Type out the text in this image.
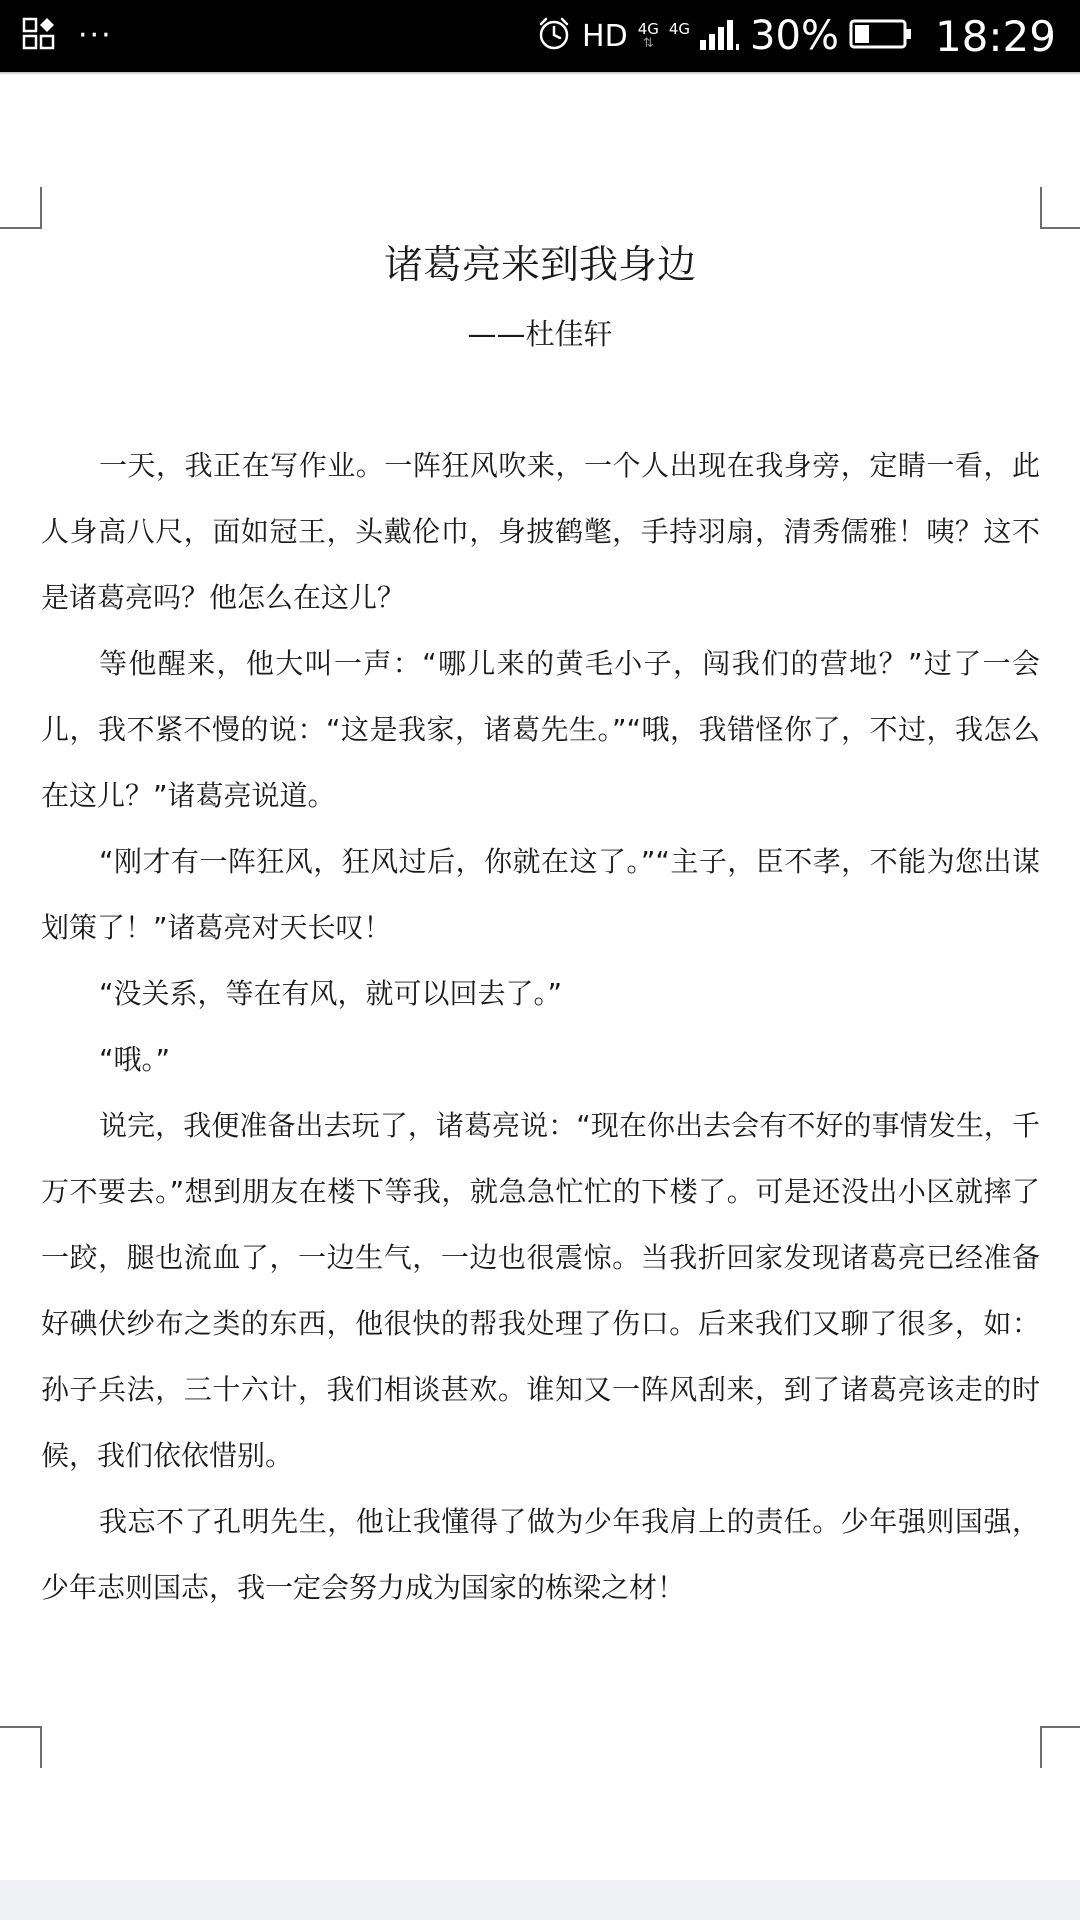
···	HD 4G
⇅
4G
30% 18:29
诸葛亮来到我身边
——杜佳轩

一天，我正在写作业。一阵狂风吹来，一个人出现在我身旁，定睛一看，此人身高八尺，面如冠王，头戴伦巾，身披鹤氅，手持羽扇，清秀儒雅！咦？这不是诸葛亮吗？他怎么在这儿？

等他醒来，他大叫一声：“哪儿来的黄毛小子，闯我们的营地？”过了一会儿，我不紧不慢的说：“这是我家，诸葛先生。”“哦，我错怪你了，不过，我怎么在这儿？”诸葛亮说道。

“刚才有一阵狂风，狂风过后，你就在这了。”“主子，臣不孝，不能为您出谋划策了！”诸葛亮对天长叹！

“没关系，等在有风，就可以回去了。”

“哦。”

说完，我便准备出去玩了，诸葛亮说：“现在你出去会有不好的事情发生，千万不要去。”想到朋友在楼下等我，就急急忙忙的下楼了。可是还没出小区就摔了一跤，腿也流血了，一边生气，一边也很震惊。当我折回家发现诸葛亮已经准备好碘伏纱布之类的东西，他很快的帮我处理了伤口。后来我们又聊了很多，如：孙子兵法，三十六计，我们相谈甚欢。谁知又一阵风刮来，到了诸葛亮该走的时候，我们依依惜别。

我忘不了孔明先生，他让我懂得了做为少年我肩上的责任。少年强则国强，少年志则国志，我一定会努力成为国家的栋梁之材！
